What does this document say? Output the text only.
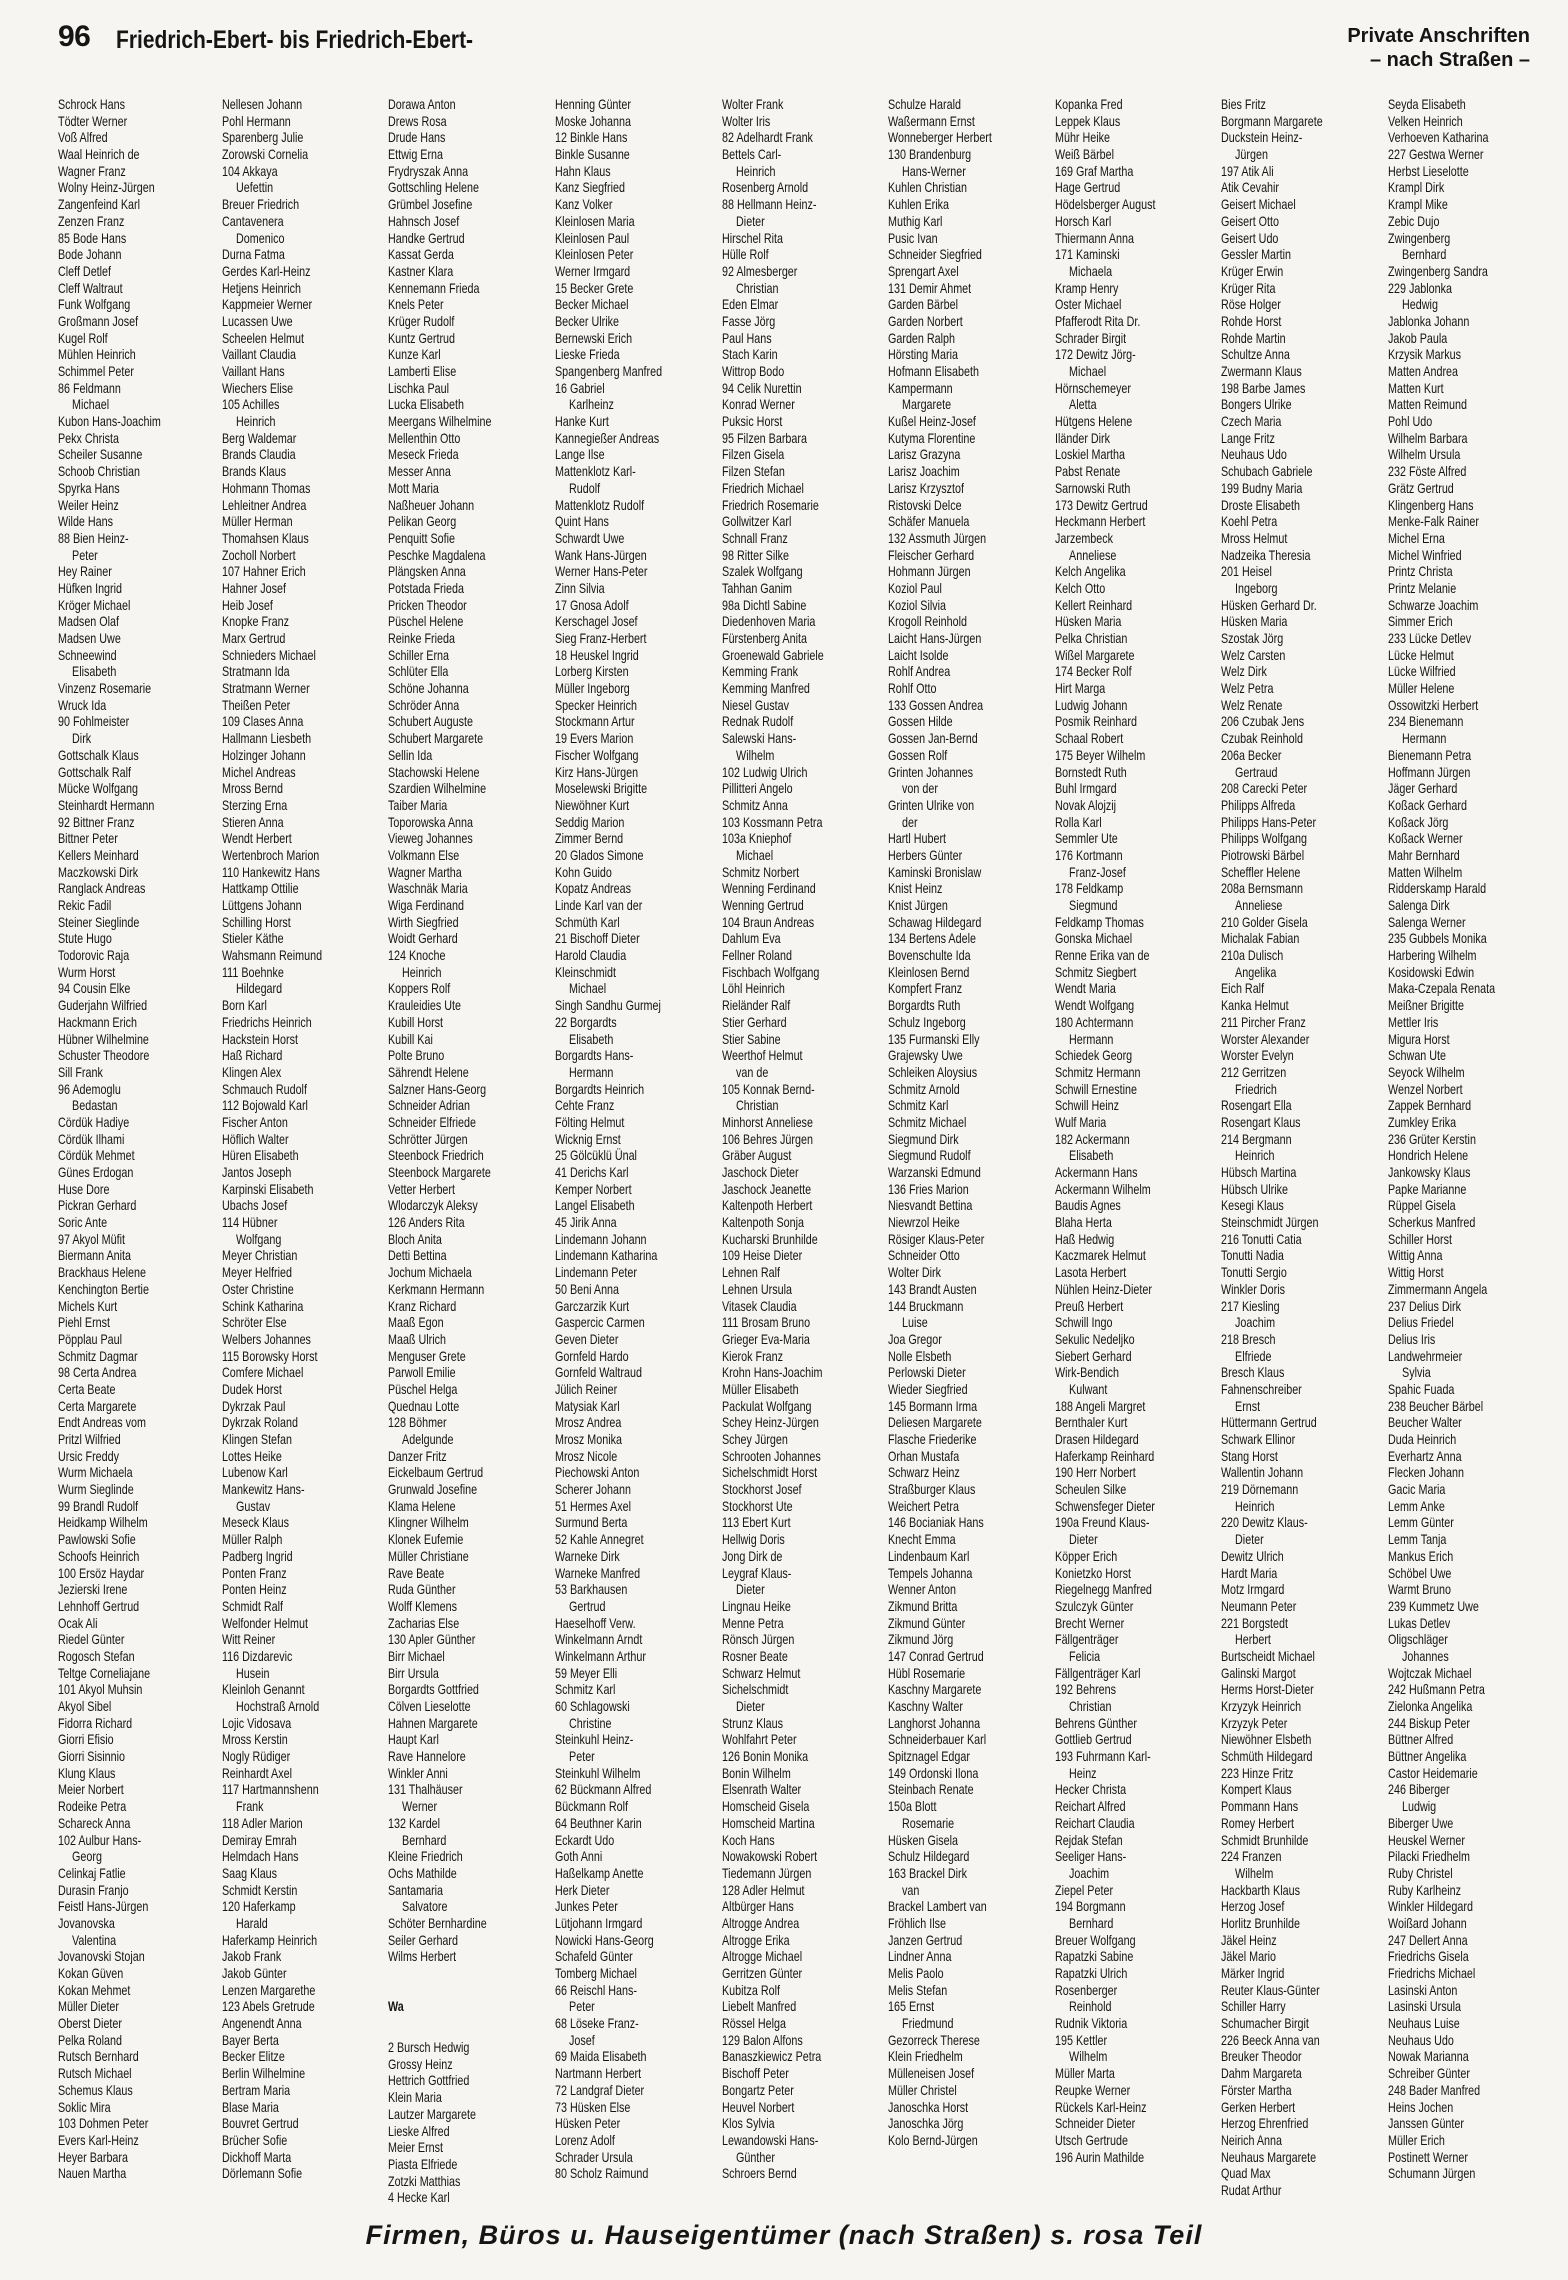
96 Friedrich-Ebert- bis Friedrich-Ebert-	Private Anschriften
– nach Straßen –
Schrock Hans
Tödter Werner
Voß Alfred
Waal Heinrich de
Wagner Franz
Wolny Heinz-Jürgen
Zangenfeind Karl
Zenzen Franz
85 Bode Hans
Bode Johann
Cleff Detlef
Cleff Waltraut
Funk Wolfgang
Großmann Josef
Kugel Rolf
Mühlen Heinrich
Schimmel Peter
86 Feldmann
Michael
Kubon Hans-Joachim
Pekx Christa
Scheiler Susanne
Schoob Christian
Spyrka Hans
Weiler Heinz
Wilde Hans
88 Bien Heinz-
Peter
Hey Rainer
Hüfken Ingrid
Kröger Michael
Madsen Olaf
Madsen Uwe
Schneewind
Elisabeth
Vinzenz Rosemarie
Wruck Ida
90 Fohlmeister
Dirk
Gottschalk Klaus
Gottschalk Ralf
Mücke Wolfgang
Steinhardt Hermann
92 Bittner Franz
Bittner Peter
Kellers Meinhard
Maczkowski Dirk
Ranglack Andreas
Rekic Fadil
Steiner Sieglinde
Stute Hugo
Todorovic Raja
Wurm Horst
94 Cousin Elke
Guderjahn Wilfried
Hackmann Erich
Hübner Wilhelmine
Schuster Theodore
Sill Frank
96 Ademoglu
Bedastan
Cördük Hadiye
Cördük Ilhami
Cördük Mehmet
Günes Erdogan
Huse Dore
Pickran Gerhard
Soric Ante
97 Akyol Müfit
Biermann Anita
Brackhaus Helene
Kenchington Bertie
Michels Kurt
Piehl Ernst
Pöpplau Paul
Schmitz Dagmar
98 Certa Andrea
Certa Beate
Certa Margarete
Endt Andreas vom
Pritzl Wilfried
Ursic Freddy
Wurm Michaela
Wurm Sieglinde
99 Brandl Rudolf
Heidkamp Wilhelm
Pawlowski Sofie
Schoofs Heinrich
100 Ersöz Haydar
Jezierski Irene
Lehnhoff Gertrud
Ocak Ali
Riedel Günter
Rogosch Stefan
Teltge Corneliajane
101 Akyol Muhsin
Akyol Sibel
Fidorra Richard
Giorri Efisio
Giorri Sisinnio
Klung Klaus
Meier Norbert
Rodeike Petra
Schareck Anna
102 Aulbur Hans-
Georg
Celinkaj Fatlie
Durasin Franjo
Feistl Hans-Jürgen
Jovanovska
Valentina
Jovanovski Stojan
Kokan Güven
Kokan Mehmet
Müller Dieter
Oberst Dieter
Pelka Roland
Rutsch Bernhard
Rutsch Michael
Schemus Klaus
Soklic Mira
103 Dohmen Peter
Evers Karl-Heinz
Heyer Barbara
Nauen Martha
Nellesen Johann
Pohl Hermann
Sparenberg Julie
Zorowski Cornelia
104 Akkaya
Uefettin
Breuer Friedrich
Cantavenera
Domenico
Durna Fatma
Gerdes Karl-Heinz
Hetjens Heinrich
Kappmeier Werner
Lucassen Uwe
Scheelen Helmut
Vaillant Claudia
Vaillant Hans
Wiechers Elise
105 Achilles
Heinrich
Berg Waldemar
Brands Claudia
Brands Klaus
Hohmann Thomas
Lehleitner Andrea
Müller Herman
Thomahsen Klaus
Zocholl Norbert
107 Hahner Erich
Hahner Josef
Heib Josef
Knopke Franz
Marx Gertrud
Schnieders Michael
Stratmann Ida
Stratmann Werner
Theißen Peter
109 Clases Anna
Hallmann Liesbeth
Holzinger Johann
Michel Andreas
Mross Bernd
Sterzing Erna
Stieren Anna
Wendt Herbert
Wertenbroch Marion
110 Hankewitz Hans
Hattkamp Ottilie
Lüttgens Johann
Schilling Horst
Stieler Käthe
Wahsmann Reimund
111 Boehnke
Hildegard
Born Karl
Friedrichs Heinrich
Hackstein Horst
Haß Richard
Klingen Alex
Schmauch Rudolf
112 Bojowald Karl
Fischer Anton
Höflich Walter
Hüren Elisabeth
Jantos Joseph
Karpinski Elisabeth
Ubachs Josef
114 Hübner
Wolfgang
Meyer Christian
Meyer Helfried
Oster Christine
Schink Katharina
Schröter Else
Welbers Johannes
115 Borowsky Horst
Comfere Michael
Dudek Horst
Dykrzak Paul
Dykrzak Roland
Klingen Stefan
Lottes Heike
Lubenow Karl
Mankewitz Hans-
Gustav
Meseck Klaus
Müller Ralph
Padberg Ingrid
Ponten Franz
Ponten Heinz
Schmidt Ralf
Welfonder Helmut
Witt Reiner
116 Dizdarevic
Husein
Kleinloh Genannt
Hochstraß Arnold
Lojic Vidosava
Mross Kerstin
Nogly Rüdiger
Reinhardt Axel
117 Hartmannshenn
Frank
118 Adler Marion
Demiray Emrah
Helmdach Hans
Saag Klaus
Schmidt Kerstin
120 Haferkamp
Harald
Haferkamp Heinrich
Jakob Frank
Jakob Günter
Lenzen Margarethe
123 Abels Gretrude
Angenendt Anna
Bayer Berta
Becker Elitze
Berlin Wilhelmine
Bertram Maria
Blase Maria
Bouvret Gertrud
Brücher Sofie
Dickhoff Marta
Dörlemann Sofie
Dorawa Anton
Drews Rosa
Drude Hans
Ettwig Erna
Frydryszak Anna
Gottschling Helene
Grümbel Josefine
Hahnsch Josef
Handke Gertrud
Kassat Gerda
Kastner Klara
Kennemann Frieda
Knels Peter
Krüger Rudolf
Kuntz Gertrud
Kunze Karl
Lamberti Elise
Lischka Paul
Lucka Elisabeth
Meergans Wilhelmine
Mellenthin Otto
Meseck Frieda
Messer Anna
Mott Maria
Naßheuer Johann
Pelikan Georg
Penquitt Sofie
Peschke Magdalena
Plängsken Anna
Potstada Frieda
Pricken Theodor
Püschel Helene
Reinke Frieda
Schiller Erna
Schlüter Ella
Schöne Johanna
Schröder Anna
Schubert Auguste
Schubert Margarete
Sellin Ida
Stachowski Helene
Szardien Wilhelmine
Taiber Maria
Toporowska Anna
Vieweg Johannes
Volkmann Else
Wagner Martha
Waschnäk Maria
Wiga Ferdinand
Wirth Siegfried
Woidt Gerhard
124 Knoche
Heinrich
Koppers Rolf
Krauleidies Ute
Kubill Horst
Kubill Kai
Polte Bruno
Sährendt Helene
Salzner Hans-Georg
Schneider Adrian
Schneider Elfriede
Schrötter Jürgen
Steenbock Friedrich
Steenbock Margarete
Vetter Herbert
Wlodarczyk Aleksy
126 Anders Rita
Bloch Anita
Detti Bettina
Jochum Michaela
Kerkmann Hermann
Kranz Richard
Maaß Egon
Maaß Ulrich
Menguser Grete
Parwoll Emilie
Püschel Helga
Quednau Lotte
128 Böhmer
Adelgunde
Danzer Fritz
Eickelbaum Gertrud
Grunwald Josefine
Klama Helene
Klingner Wilhelm
Klonek Eufemie
Müller Christiane
Rave Beate
Ruda Günther
Wolff Klemens
Zacharias Else
130 Apler Günther
Birr Michael
Birr Ursula
Borgardts Gottfried
Cölven Lieselotte
Hahnen Margarete
Haupt Karl
Rave Hannelore
Winkler Anni
131 Thalhäuser
Werner
132 Kardel
Bernhard
Kleine Friedrich
Ochs Mathilde
Santamaria
Salvatore
Schöter Bernhardine
Seiler Gerhard
Wilms Herbert

Wa

2 Bursch Hedwig
Grossy Heinz
Hettrich Gottfried
Klein Maria
Lautzer Margarete
Lieske Alfred
Meier Ernst
Piasta Elfriede
Zotzki Matthias
4 Hecke Karl
Henning Günter
Moske Johanna
12 Binkle Hans
Binkle Susanne
Hahn Klaus
Kanz Siegfried
Kanz Volker
Kleinlosen Maria
Kleinlosen Paul
Kleinlosen Peter
Werner Irmgard
15 Becker Grete
Becker Michael
Becker Ulrike
Bernewski Erich
Lieske Frieda
Spangenberg Manfred
16 Gabriel
Karlheinz
Hanke Kurt
Kannegießer Andreas
Lange Ilse
Mattenklotz Karl-
Rudolf
Mattenklotz Rudolf
Quint Hans
Schwardt Uwe
Wank Hans-Jürgen
Werner Hans-Peter
Zinn Silvia
17 Gnosa Adolf
Kerschagel Josef
Sieg Franz-Herbert
18 Heuskel Ingrid
Lorberg Kirsten
Müller Ingeborg
Specker Heinrich
Stockmann Artur
19 Evers Marion
Fischer Wolfgang
Kirz Hans-Jürgen
Moselewski Brigitte
Niewöhner Kurt
Seddig Marion
Zimmer Bernd
20 Glados Simone
Kohn Guido
Kopatz Andreas
Linde Karl van der
Schmüth Karl
21 Bischoff Dieter
Harold Claudia
Kleinschmidt
Michael
Singh Sandhu Gurmej
22 Borgardts
Elisabeth
Borgardts Hans-
Hermann
Borgardts Heinrich
Cehte Franz
Fölting Helmut
Wicknig Ernst
25 Gölcüklü Ünal
41 Derichs Karl
Kemper Norbert
Langel Elisabeth
45 Jirik Anna
Lindemann Johann
Lindemann Katharina
Lindemann Peter
50 Beni Anna
Garczarzik Kurt
Gaspercic Carmen
Geven Dieter
Gornfeld Hardo
Gornfeld Waltraud
Jülich Reiner
Matysiak Karl
Mrosz Andrea
Mrosz Monika
Mrosz Nicole
Piechowski Anton
Scherer Johann
51 Hermes Axel
Surmund Berta
52 Kahle Annegret
Warneke Dirk
Warneke Manfred
53 Barkhausen
Gertrud
Haeselhoff Verw.
Winkelmann Arndt
Winkelmann Arthur
59 Meyer Elli
Schmitz Karl
60 Schlagowski
Christine
Steinkuhl Heinz-
Peter
Steinkuhl Wilhelm
62 Bückmann Alfred
Bückmann Rolf
64 Beuthner Karin
Eckardt Udo
Goth Anni
Haßelkamp Anette
Herk Dieter
Junkes Peter
Lütjohann Irmgard
Nowicki Hans-Georg
Schafeld Günter
Tomberg Michael
66 Reischl Hans-
Peter
68 Löseke Franz-
Josef
69 Maida Elisabeth
Nartmann Herbert
72 Landgraf Dieter
73 Hüsken Else
Hüsken Peter
Lorenz Adolf
Schrader Ursula
80 Scholz Raimund
Wolter Frank
Wolter Iris
82 Adelhardt Frank
Bettels Carl-
Heinrich
Rosenberg Arnold
88 Hellmann Heinz-
Dieter
Hirschel Rita
Hülle Rolf
92 Almesberger
Christian
Eden Elmar
Fasse Jörg
Paul Hans
Stach Karin
Wittrop Bodo
94 Celik Nurettin
Konrad Werner
Puksic Horst
95 Filzen Barbara
Filzen Gisela
Filzen Stefan
Friedrich Michael
Friedrich Rosemarie
Gollwitzer Karl
Schnall Franz
98 Ritter Silke
Szalek Wolfgang
Tahhan Ganim
98a Dichtl Sabine
Diedenhoven Maria
Fürstenberg Anita
Groenewald Gabriele
Kemming Frank
Kemming Manfred
Niesel Gustav
Rednak Rudolf
Salewski Hans-
Wilhelm
102 Ludwig Ulrich
Pillitteri Angelo
Schmitz Anna
103 Kossmann Petra
103a Kniephof
Michael
Schmitz Norbert
Wenning Ferdinand
Wenning Gertrud
104 Braun Andreas
Dahlum Eva
Fellner Roland
Fischbach Wolfgang
Löhl Heinrich
Rieländer Ralf
Stier Gerhard
Stier Sabine
Weerthof Helmut
van de
105 Konnak Bernd-
Christian
Minhorst Anneliese
106 Behres Jürgen
Gräber August
Jaschock Dieter
Jaschock Jeanette
Kaltenpoth Herbert
Kaltenpoth Sonja
Kucharski Brunhilde
109 Heise Dieter
Lehnen Ralf
Lehnen Ursula
Vitasek Claudia
111 Brosam Bruno
Grieger Eva-Maria
Kierok Franz
Krohn Hans-Joachim
Müller Elisabeth
Packulat Wolfgang
Schey Heinz-Jürgen
Schey Jürgen
Schrooten Johannes
Sichelschmidt Horst
Stockhorst Josef
Stockhorst Ute
113 Ebert Kurt
Hellwig Doris
Jong Dirk de
Leygraf Klaus-
Dieter
Lingnau Heike
Menne Petra
Rönsch Jürgen
Rosner Beate
Schwarz Helmut
Sichelschmidt
Dieter
Strunz Klaus
Wohlfahrt Peter
126 Bonin Monika
Bonin Wilhelm
Elsenrath Walter
Homscheid Gisela
Homscheid Martina
Koch Hans
Nowakowski Robert
Tiedemann Jürgen
128 Adler Helmut
Altbürger Hans
Altrogge Andrea
Altrogge Erika
Altrogge Michael
Gerritzen Günter
Kubitza Rolf
Liebelt Manfred
Rössel Helga
129 Balon Alfons
Banaszkiewicz Petra
Bischoff Peter
Bongartz Peter
Heuvel Norbert
Klos Sylvia
Lewandowski Hans-
Günther
Schroers Bernd
Schulze Harald
Waßermann Ernst
Wonneberger Herbert
130 Brandenburg
Hans-Werner
Kuhlen Christian
Kuhlen Erika
Muthig Karl
Pusic Ivan
Schneider Siegfried
Sprengart Axel
131 Demir Ahmet
Garden Bärbel
Garden Norbert
Garden Ralph
Hörsting Maria
Hofmann Elisabeth
Kampermann
Margarete
Kußel Heinz-Josef
Kutyma Florentine
Larisz Grazyna
Larisz Joachim
Larisz Krzysztof
Ristovski Delce
Schäfer Manuela
132 Assmuth Jürgen
Fleischer Gerhard
Hohmann Jürgen
Koziol Paul
Koziol Silvia
Krogoll Reinhold
Laicht Hans-Jürgen
Laicht Isolde
Rohlf Andrea
Rohlf Otto
133 Gossen Andrea
Gossen Hilde
Gossen Jan-Bernd
Gossen Rolf
Grinten Johannes
von der
Grinten Ulrike von
der
Hartl Hubert
Herbers Günter
Kaminski Bronislaw
Knist Heinz
Knist Jürgen
Schawag Hildegard
134 Bertens Adele
Bovenschulte Ida
Kleinlosen Bernd
Kompfert Franz
Borgardts Ruth
Schulz Ingeborg
135 Furmanski Elly
Grajewsky Uwe
Schleiken Aloysius
Schmitz Arnold
Schmitz Karl
Schmitz Michael
Siegmund Dirk
Siegmund Rudolf
Warzanski Edmund
136 Fries Marion
Niesvandt Bettina
Niewrzol Heike
Rösiger Klaus-Peter
Schneider Otto
Wolter Dirk
143 Brandt Austen
144 Bruckmann
Luise
Joa Gregor
Nolle Elsbeth
Perlowski Dieter
Wieder Siegfried
145 Bormann Irma
Deliesen Margarete
Flasche Friederike
Orhan Mustafa
Schwarz Heinz
Straßburger Klaus
Weichert Petra
146 Bocianiak Hans
Knecht Emma
Lindenbaum Karl
Tempels Johanna
Wenner Anton
Zikmund Britta
Zikmund Günter
Zikmund Jörg
147 Conrad Gertrud
Hübl Rosemarie
Kaschny Margarete
Kaschny Walter
Langhorst Johanna
Schneiderbauer Karl
Spitznagel Edgar
149 Ordonski Ilona
Steinbach Renate
150a Blott
Rosemarie
Hüsken Gisela
Schulz Hildegard
163 Brackel Dirk
van
Brackel Lambert van
Fröhlich Ilse
Janzen Gertrud
Lindner Anna
Melis Paolo
Melis Stefan
165 Ernst
Friedmund
Gezorreck Therese
Klein Friedhelm
Mülleneisen Josef
Müller Christel
Janoschka Horst
Janoschka Jörg
Kolo Bernd-Jürgen
Kopanka Fred
Leppek Klaus
Mühr Heike
Weiß Bärbel
169 Graf Martha
Hage Gertrud
Hödelsberger August
Horsch Karl
Thiermann Anna
171 Kaminski
Michaela
Kramp Henry
Oster Michael
Pfafferodt Rita Dr.
Schrader Birgit
172 Dewitz Jörg-
Michael
Hörnschemeyer
Aletta
Hütgens Helene
Iländer Dirk
Loskiel Martha
Pabst Renate
Sarnowski Ruth
173 Dewitz Gertrud
Heckmann Herbert
Jarzembeck
Anneliese
Kelch Angelika
Kelch Otto
Kellert Reinhard
Hüsken Maria
Pelka Christian
Wißel Margarete
174 Becker Rolf
Hirt Marga
Ludwig Johann
Posmik Reinhard
Schaal Robert
175 Beyer Wilhelm
Bornstedt Ruth
Buhl Irmgard
Novak Alojzij
Rolla Karl
Semmler Ute
176 Kortmann
Franz-Josef
178 Feldkamp
Siegmund
Feldkamp Thomas
Gonska Michael
Renne Erika van de
Schmitz Siegbert
Wendt Maria
Wendt Wolfgang
180 Achtermann
Hermann
Schiedek Georg
Schmitz Hermann
Schwill Ernestine
Schwill Heinz
Wulf Maria
182 Ackermann
Elisabeth
Ackermann Hans
Ackermann Wilhelm
Baudis Agnes
Blaha Herta
Haß Hedwig
Kaczmarek Helmut
Lasota Herbert
Nühlen Heinz-Dieter
Preuß Herbert
Schwill Ingo
Sekulic Nedeljko
Siebert Gerhard
Wirk-Bendich
Kulwant
188 Angeli Margret
Bernthaler Kurt
Drasen Hildegard
Haferkamp Reinhard
190 Herr Norbert
Scheulen Silke
Schwensfeger Dieter
190a Freund Klaus-
Dieter
Köpper Erich
Konietzko Horst
Riegelnegg Manfred
Szulczyk Günter
Brecht Werner
Fällgenträger
Felicia
Fällgenträger Karl
192 Behrens
Christian
Behrens Günther
Gottlieb Gertrud
193 Fuhrmann Karl-
Heinz
Hecker Christa
Reichart Alfred
Reichart Claudia
Rejdak Stefan
Seeliger Hans-
Joachim
Ziepel Peter
194 Borgmann
Bernhard
Breuer Wolfgang
Rapatzki Sabine
Rapatzki Ulrich
Rosenberger
Reinhold
Rudnik Viktoria
195 Kettler
Wilhelm
Müller Marta
Reupke Werner
Rückels Karl-Heinz
Schneider Dieter
Utsch Gertrude
196 Aurin Mathilde
Bies Fritz
Borgmann Margarete
Duckstein Heinz-
Jürgen
197 Atik Ali
Atik Cevahir
Geisert Michael
Geisert Otto
Geisert Udo
Gessler Martin
Krüger Erwin
Krüger Rita
Röse Holger
Rohde Horst
Rohde Martin
Schultze Anna
Zwermann Klaus
198 Barbe James
Bongers Ulrike
Czech Maria
Lange Fritz
Neuhaus Udo
Schubach Gabriele
199 Budny Maria
Droste Elisabeth
Koehl Petra
Mross Helmut
Nadzeika Theresia
201 Heisel
Ingeborg
Hüsken Gerhard Dr.
Hüsken Maria
Szostak Jörg
Welz Carsten
Welz Dirk
Welz Petra
Welz Renate
206 Czubak Jens
Czubak Reinhold
206a Becker
Gertraud
208 Carecki Peter
Philipps Alfreda
Philipps Hans-Peter
Philipps Wolfgang
Piotrowski Bärbel
Scheffler Helene
208a Bernsmann
Anneliese
210 Golder Gisela
Michalak Fabian
210a Dulisch
Angelika
Eich Ralf
Kanka Helmut
211 Pircher Franz
Worster Alexander
Worster Evelyn
212 Gerritzen
Friedrich
Rosengart Ella
Rosengart Klaus
214 Bergmann
Heinrich
Hübsch Martina
Hübsch Ulrike
Kesegi Klaus
Steinschmidt Jürgen
216 Tonutti Catia
Tonutti Nadia
Tonutti Sergio
Winkler Doris
217 Kiesling
Joachim
218 Bresch
Elfriede
Bresch Klaus
Fahnenschreiber
Ernst
Hüttermann Gertrud
Schwark Ellinor
Stang Horst
Wallentin Johann
219 Dörnemann
Heinrich
220 Dewitz Klaus-
Dieter
Dewitz Ulrich
Hardt Maria
Motz Irmgard
Neumann Peter
221 Borgstedt
Herbert
Burtscheidt Michael
Galinski Margot
Herms Horst-Dieter
Krzyzyk Heinrich
Krzyzyk Peter
Niewöhner Elsbeth
Schmüth Hildegard
223 Hinze Fritz
Kompert Klaus
Pommann Hans
Romey Herbert
Schmidt Brunhilde
224 Franzen
Wilhelm
Hackbarth Klaus
Herzog Josef
Horlitz Brunhilde
Jäkel Heinz
Jäkel Mario
Märker Ingrid
Reuter Klaus-Günter
Schiller Harry
Schumacher Birgit
226 Beeck Anna van
Breuker Theodor
Dahm Margareta
Förster Martha
Gerken Herbert
Herzog Ehrenfried
Neirich Anna
Neuhaus Margarete
Quad Max
Rudat Arthur
Seyda Elisabeth
Velken Heinrich
Verhoeven Katharina
227 Gestwa Werner
Herbst Lieselotte
Krampl Dirk
Krampl Mike
Zebic Dujo
Zwingenberg
Bernhard
Zwingenberg Sandra
229 Jablonka
Hedwig
Jablonka Johann
Jakob Paula
Krzysik Markus
Matten Andrea
Matten Kurt
Matten Reimund
Pohl Udo
Wilhelm Barbara
Wilhelm Ursula
232 Föste Alfred
Grätz Gertrud
Klingenberg Hans
Menke-Falk Rainer
Michel Erna
Michel Winfried
Printz Christa
Printz Melanie
Schwarze Joachim
Simmer Erich
233 Lücke Detlev
Lücke Helmut
Lücke Wilfried
Müller Helene
Ossowitzki Herbert
234 Bienemann
Hermann
Bienemann Petra
Hoffmann Jürgen
Jäger Gerhard
Koßack Gerhard
Koßack Jörg
Koßack Werner
Mahr Bernhard
Matten Wilhelm
Ridderskamp Harald
Salenga Dirk
Salenga Werner
235 Gubbels Monika
Harbering Wilhelm
Kosidowski Edwin
Maka-Czepala Renata
Meißner Brigitte
Mettler Iris
Migura Horst
Schwan Ute
Seyock Wilhelm
Wenzel Norbert
Zappek Bernhard
Zumkley Erika
236 Grüter Kerstin
Hondrich Helene
Jankowsky Klaus
Papke Marianne
Rüppel Gisela
Scherkus Manfred
Schiller Horst
Wittig Anna
Wittig Horst
Zimmermann Angela
237 Delius Dirk
Delius Friedel
Delius Iris
Landwehrmeier
Sylvia
Spahic Fuada
238 Beucher Bärbel
Beucher Walter
Duda Heinrich
Everhartz Anna
Flecken Johann
Gacic Maria
Lemm Anke
Lemm Günter
Lemm Tanja
Mankus Erich
Schöbel Uwe
Warmt Bruno
239 Kummetz Uwe
Lukas Detlev
Oligschläger
Johannes
Wojtczak Michael
242 Hußmann Petra
Zielonka Angelika
244 Biskup Peter
Büttner Alfred
Büttner Angelika
Castor Heidemarie
246 Biberger
Ludwig
Biberger Uwe
Heuskel Werner
Pilacki Friedhelm
Ruby Christel
Ruby Karlheinz
Winkler Hildegard
Woißard Johann
247 Dellert Anna
Friedrichs Gisela
Friedrichs Michael
Lasinski Anton
Lasinski Ursula
Neuhaus Luise
Neuhaus Udo
Nowak Marianna
Schreiber Günter
248 Bader Manfred
Heins Jochen
Janssen Günter
Müller Erich
Postinett Werner
Schumann Jürgen
Firmen, Büros u. Hauseigentümer (nach Straßen) s. rosa Teil
